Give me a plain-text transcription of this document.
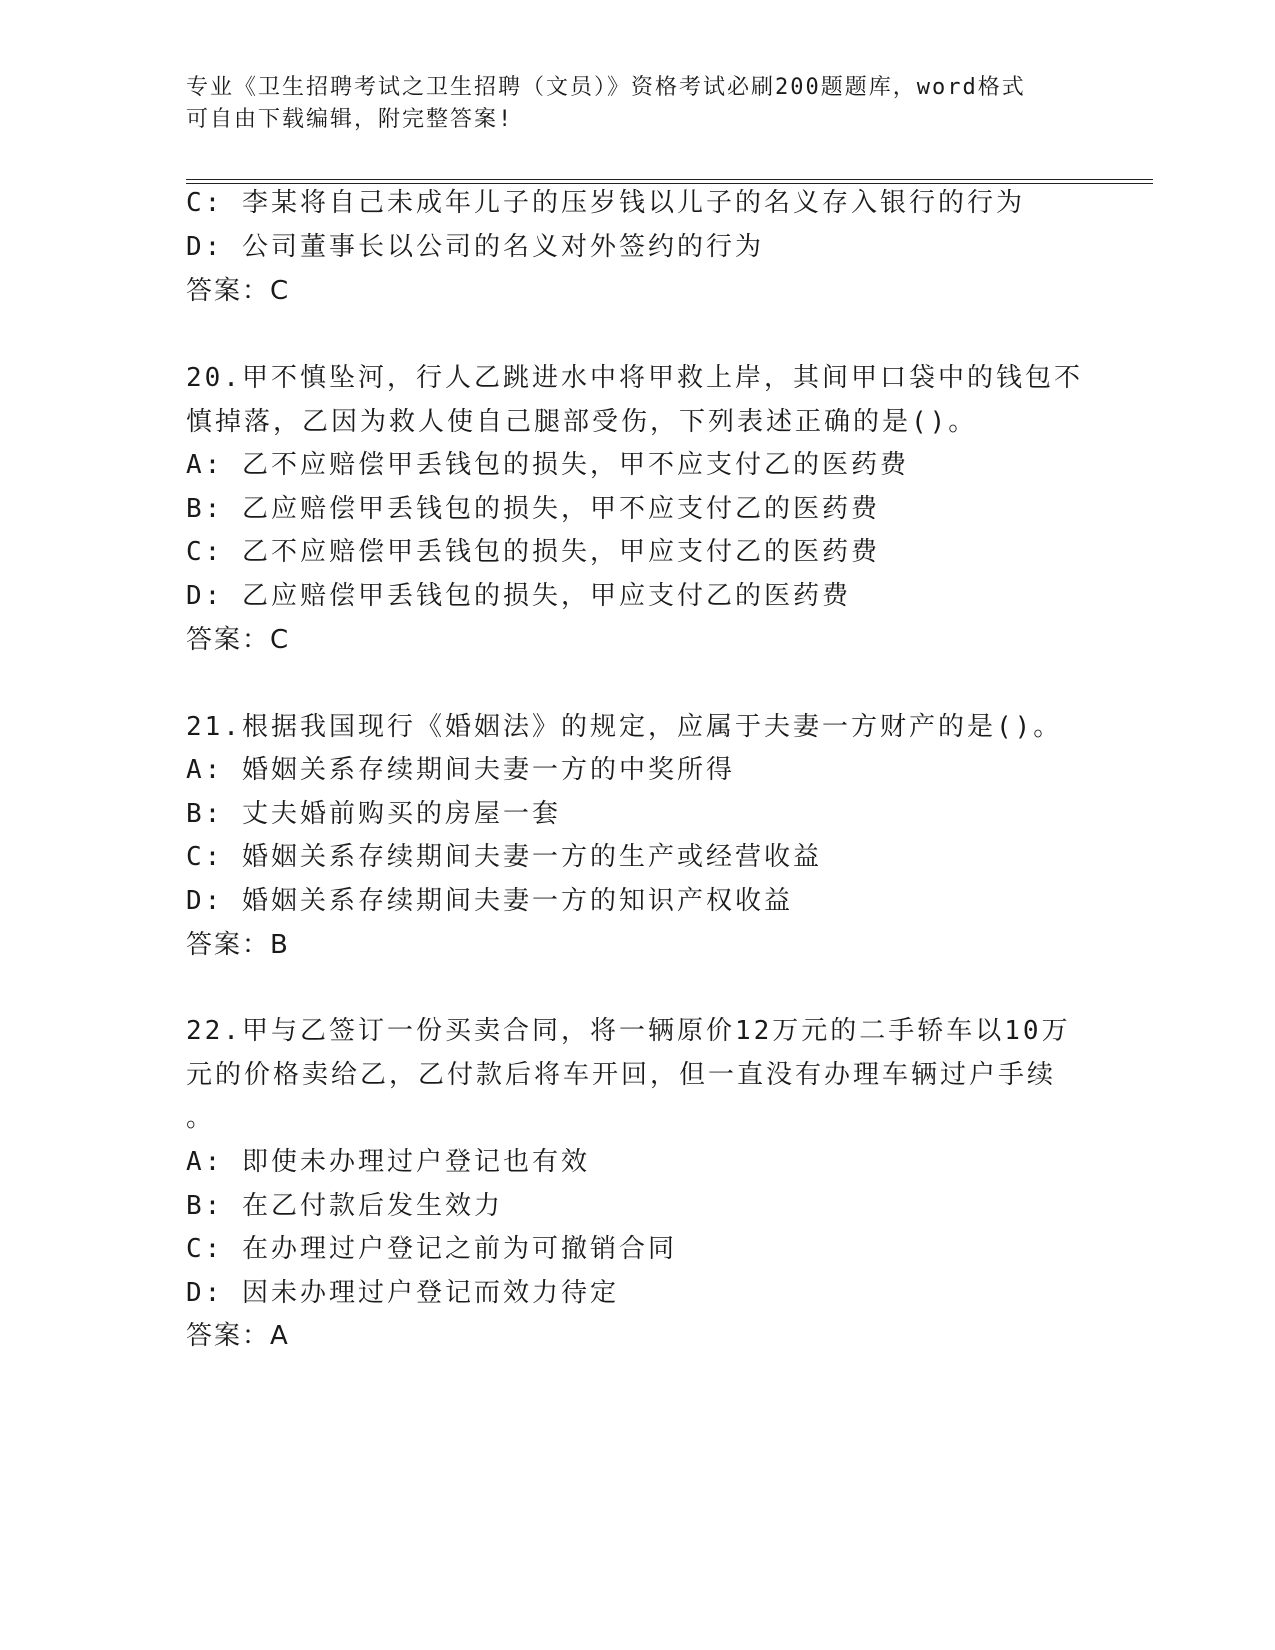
专业《卫生招聘考试之卫生招聘（文员）》资格考试必刷200题题库，word格式
可自由下载编辑，附完整答案!
C: 李某将自己未成年儿子的压岁钱以儿子的名义存入银行的行为
D: 公司董事长以公司的名义对外签约的行为
答案：C
20.甲不慎坠河，行人乙跳进水中将甲救上岸，其间甲口袋中的钱包不
慎掉落，乙因为救人使自己腿部受伤，下列表述正确的是()。
A: 乙不应赔偿甲丢钱包的损失，甲不应支付乙的医药费
B: 乙应赔偿甲丢钱包的损失，甲不应支付乙的医药费
C: 乙不应赔偿甲丢钱包的损失，甲应支付乙的医药费
D: 乙应赔偿甲丢钱包的损失，甲应支付乙的医药费
答案：C
21.根据我国现行《婚姻法》的规定，应属于夫妻一方财产的是()。
A: 婚姻关系存续期间夫妻一方的中奖所得
B: 丈夫婚前购买的房屋一套
C: 婚姻关系存续期间夫妻一方的生产或经营收益
D: 婚姻关系存续期间夫妻一方的知识产权收益
答案：B
22.甲与乙签订一份买卖合同，将一辆原价12万元的二手轿车以10万
元的价格卖给乙，乙付款后将车开回，但一直没有办理车辆过户手续
。
A: 即使未办理过户登记也有效
B: 在乙付款后发生效力
C: 在办理过户登记之前为可撤销合同
D: 因未办理过户登记而效力待定
答案：A
